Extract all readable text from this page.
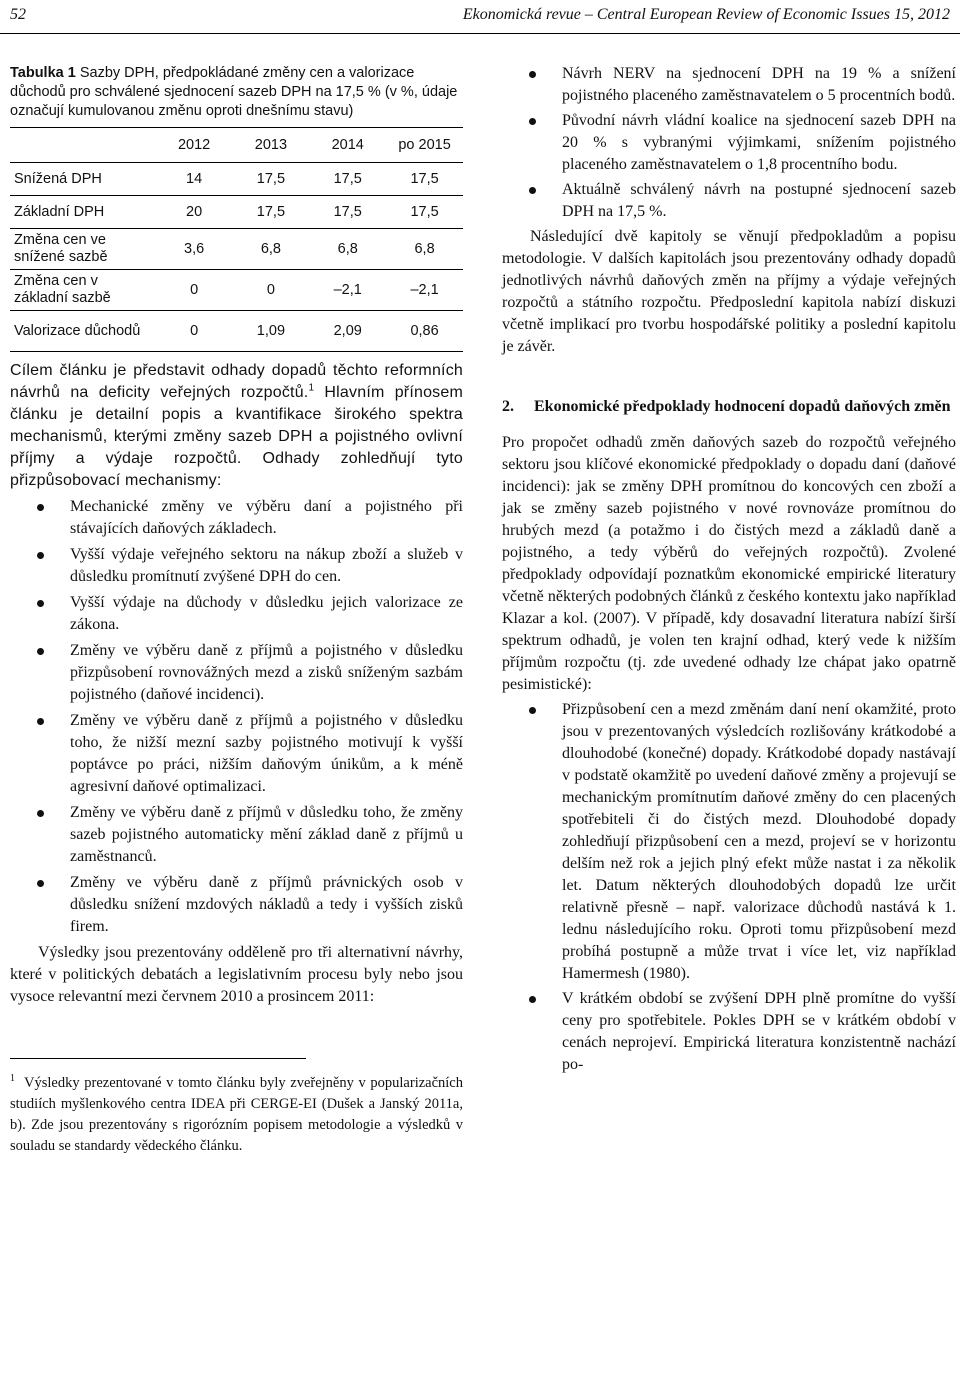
52	Ekonomická revue – Central European Review of Economic Issues 15, 2012
Tabulka 1 Sazby DPH, předpokládané změny cen a valorizace důchodů pro schválené sjednocení sazeb DPH na 17,5 % (v %, údaje označují kumulovanou změnu oproti dnešnímu stavu)
	2012	2013	2014	po 2015
Snížená DPH	14	17,5	17,5	17,5
Základní DPH	20	17,5	17,5	17,5
Změna cen ve snížené sazbě	3,6	6,8	6,8	6,8
Změna cen v základní sazbě	0	0	–2,1	–2,1
Valorizace důchodů	0	1,09	2,09	0,86

Cílem článku je představit odhady dopadů těchto reformních návrhů na deficity veřejných rozpočtů.$^1$ Hlavním přínosem článku je detailní popis a kvantifikace širokého spektra mechanismů, kterými změny sazeb DPH a pojistného ovlivní příjmy a výdaje rozpočtů. Odhady zohledňují tyto přizpůsobovací mechanismy:

Mechanické změny ve výběru daní a pojistného při stávajících daňových základech.
Vyšší výdaje veřejného sektoru na nákup zboží a služeb v důsledku promítnutí zvýšené DPH do cen.
Vyšší výdaje na důchody v důsledku jejich valorizace ze zákona.
Změny ve výběru daně z příjmů a pojistného v důsledku přizpůsobení rovnovážných mezd a zisků sníženým sazbám pojistného (daňové incidenci).
Změny ve výběru daně z příjmů a pojistného v důsledku toho, že nižší mezní sazby pojistného motivují k vyšší poptávce po práci, nižším daňovým únikům, a k méně agresivní daňové optimalizaci.
Změny ve výběru daně z příjmů v důsledku toho, že změny sazeb pojistného automaticky mění základ daně z příjmů u zaměstnanců.
Změny ve výběru daně z příjmů právnických osob v důsledku snížení mzdových nákladů a tedy i vyšších zisků firem.

Výsledky jsou prezentovány odděleně pro tři alternativní návrhy, které v politických debatách a legislativním procesu byly nebo jsou vysoce relevantní mezi červnem 2010 a prosincem 2011:

$^1$ Výsledky prezentované v tomto článku byly zveřejněny v popularizačních studiích myšlenkového centra IDEA při CERGE-EI (Dušek a Janský 2011a, b). Zde jsou prezentovány s rigorózním popisem metodologie a výsledků v souladu se standardy vědeckého článku.

Návrh NERV na sjednocení DPH na 19 % a snížení pojistného placeného zaměstnavatelem o 5 procentních bodů.
Původní návrh vládní koalice na sjednocení sazeb DPH na 20 % s vybranými výjimkami, snížením pojistného placeného zaměstnavatelem o 1,8 procentního bodu.
Aktuálně schválený návrh na postupné sjednocení sazeb DPH na 17,5 %.

Následující dvě kapitoly se věnují předpokladům a popisu metodologie. V dalších kapitolách jsou prezentovány odhady dopadů jednotlivých návrhů daňových změn na příjmy a výdaje veřejných rozpočtů a státního rozpočtu. Předposlední kapitola nabízí diskuzi včetně implikací pro tvorbu hospodářské politiky a poslední kapitolu je závěr.

2.	Ekonomické předpoklady hodnocení dopadů daňových změn

Pro propočet odhadů změn daňových sazeb do rozpočtů veřejného sektoru jsou klíčové ekonomické předpoklady o dopadu daní (daňové incidenci): jak se změny DPH promítnou do koncových cen zboží a jak se změny sazeb pojistného v nové rovnováze promítnou do hrubých mezd (a potažmo i do čistých mezd a základů daně a pojistného, a tedy výběrů do veřejných rozpočtů). Zvolené předpoklady odpovídají poznatkům ekonomické empirické literatury včetně některých podobných článků z českého kontextu jako například Klazar a kol. (2007). V případě, kdy dosavadní literatura nabízí širší spektrum odhadů, je volen ten krajní odhad, který vede k nižším příjmům rozpočtu (tj. zde uvedené odhady lze chápat jako opatrně pesimistické):

Přizpůsobení cen a mezd změnám daní není okamžité, proto jsou v prezentovaných výsledcích rozlišovány krátkodobé a dlouhodobé (konečné) dopady. Krátkodobé dopady nastávají v podstatě okamžitě po uvedení daňové změny a projevují se mechanickým promítnutím daňové změny do cen placených spotřebiteli či do čistých mezd. Dlouhodobé dopady zohledňují přizpůsobení cen a mezd, projeví se v horizontu delším než rok a jejich plný efekt může nastat i za několik let. Datum některých dlouhodobých dopadů lze určit relativně přesně – např. valorizace důchodů nastává k 1. lednu následujícího roku. Oproti tomu přizpůsobení mezd probíhá postupně a může trvat i více let, viz například Hamermesh (1980).
V krátkém období se zvýšení DPH plně promítne do vyšší ceny pro spotřebitele. Pokles DPH se v krátkém období v cenách neprojeví. Empirická literatura konzistentně nachází po-
